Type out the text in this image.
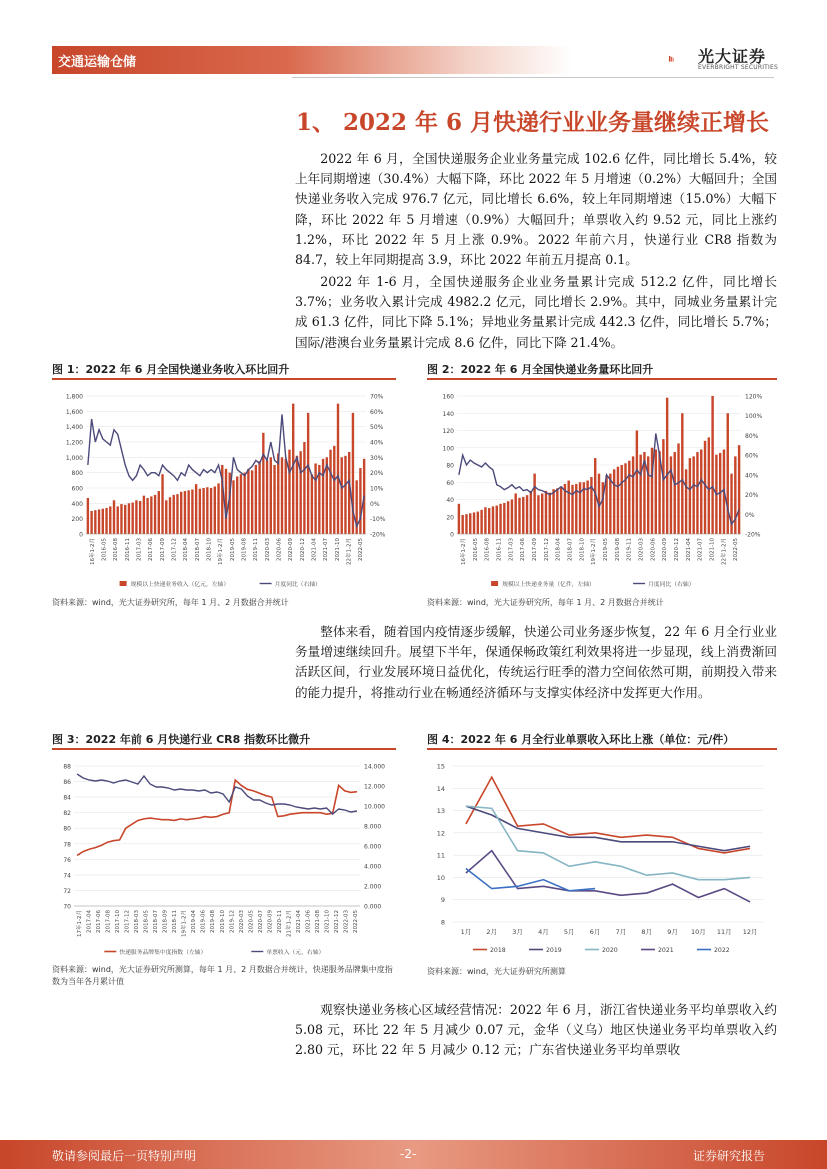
交通运输仓储	光大证券
EVERBRIGHT SECURITIES
1、 2022 年 6 月快递行业业务量继续正增长
2022 年 6 月，全国快递服务企业业务量完成 102.6 亿件，同比增长 5.4%，较上年同期增速（30.4%）大幅下降，环比 2022 年 5 月增速（0.2%）大幅回升；全国快递业务收入完成 976.7 亿元，同比增长 6.6%，较上年同期增速（15.0%）大幅下降，环比 2022 年 5 月增速（0.9%）大幅回升；单票收入约 9.52 元，同比上涨约 1.2%，环比 2022 年 5 月上涨 0.9%。2022 年前六月，快递行业 CR8 指数为 84.7，较上年同期提高 3.9，环比 2022 年前五月提高 0.1。
2022 年 1-6 月，全国快递服务企业业务量累计完成 512.2 亿件，同比增长 3.7%；业务收入累计完成 4982.2 亿元，同比增长 2.9%。其中，同城业务量累计完成 61.3 亿件，同比下降 5.1%；异地业务量累计完成 442.3 亿件，同比增长 5.7%；国际/港澳台业务量累计完成 8.6 亿件，同比下降 21.4%。
图 1：2022 年 6 月全国快递业务收入环比回升
0
200
400
600
800
1,000
1,200
1,400
1,600
1,800
-20%
-10%
0%
10%
20%
30%
40%
50%
60%
70%
16年1-2月 2016-05 2016-08 2016-11 2017-03 2017-06 2017-09 2017-12 2018-04 2018-07 2018-10	19年1-2月 2019-05 2019-08 2019-11 2020-03 2020-06 2020-09 2020-12 2021-04 2021-07 2021-10	22年1-2月 2022-05
规模以上快递业务收入（亿元，左轴）	月度同比（右轴）
资料来源：wind，光大证券研究所，每年 1 月、2 月数据合并统计
图 2：2022 年 6 月全国快递业务量环比回升
0
20
40
60
80
100
120
140
160
-20%
0%
20%
40%
60%
80%
100%
120%
16年1-2月 2016-05 2016-08 2016-11 2017-03 2017-06 2017-09 2017-12 2018-04 2018-07 2018-10	19年1-2月 2019-05 2019-08 2019-11 2020-03 2020-06 2020-09 2020-12 2021-04 2021-07 2021-10	22年1-2月 2022-05
规模以上快递业务量（亿件，左轴）	月度同比（右轴）
资料来源：wind，光大证券研究所，每年 1 月、2 月数据合并统计
整体来看，随着国内疫情逐步缓解，快递公司业务逐步恢复，22 年 6 月全行业业务量增速继续回升。展望下半年，保通保畅政策红利效果将进一步显现，线上消费渐回活跃区间，行业发展环境日益优化，传统运行旺季的潜力空间依然可期，前期投入带来的能力提升，将推动行业在畅通经济循环与支撑实体经济中发挥更大作用。
图 3：2022 年前 6 月快递行业 CR8 指数环比微升
70
72
74
76
78
80
82
84
86
88
0.000
2.000
4.000
6.000
8.000
10.000
12.000
14.000
17年1-2月 2017-04 2017-06 2017-08 2017-10 2017-12 2018-03 2018-05 2018-07 2018-09 2018-11 19年1-2月 2019-04 2019-06 2019-08 2019-10 2019-12 2020-03 2020-05 2020-07 2020-09 2020-11 21年1-2月 2021-04 2021-06 2021-08 2021-10 2021-12 2022-03 2022-05
快递服务品牌集中度指数（左轴）	单票收入（元，右轴）
资料来源：wind，光大证券研究所测算，每年 1 月、2 月数据合并统计，快递服务品牌集中度指数为当年各月累计值
图 4：2022 年 6 月全行业单票收入环比上涨（单位：元/件）
8
9
10
11
12
13
14
15
1月 2月 3月 4月 5月 6月 7月 8月 9月 10月 11月 12月
2018	2019	2020	2021	2022
资料来源：wind，光大证券研究所测算
观察快递业务核心区域经营情况：2022 年 6 月，浙江省快递业务平均单票收入约 5.08 元，环比 22 年 5 月减少 0.07 元，金华（义乌）地区快递业务平均单票收入约 2.80 元，环比 22 年 5 月减少 0.12 元；广东省快递业务平均单票收
敬请参阅最后一页特别声明	-2-	证券研究报告
